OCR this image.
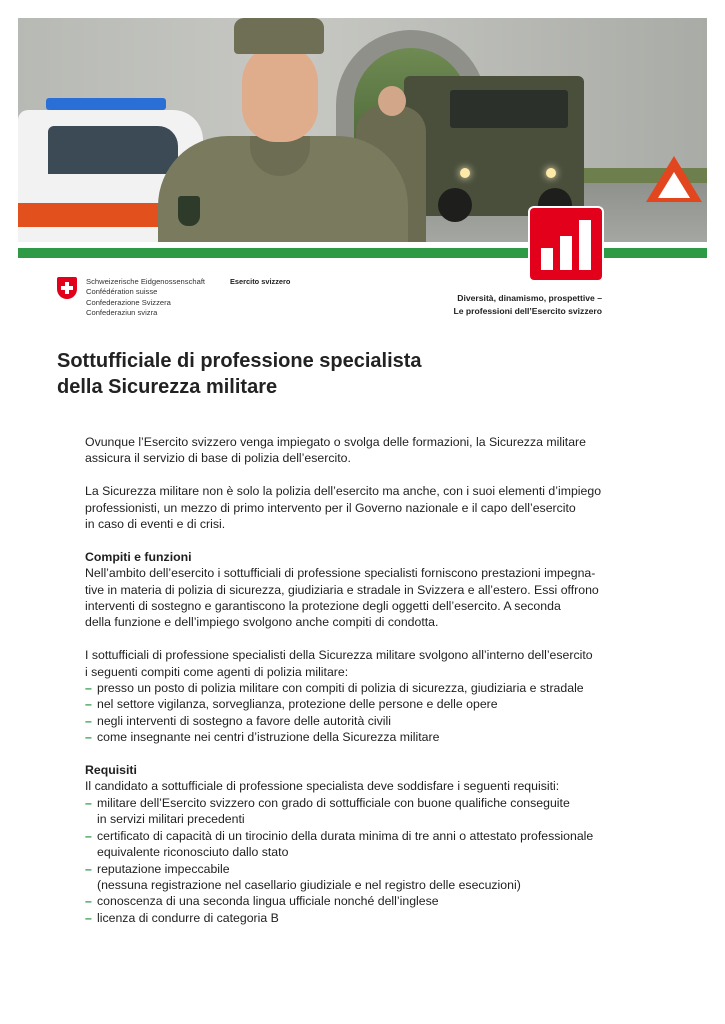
Schweizerische Eidgenossenschaft
Confédération suisse
Confederazione Svizzera
Confederaziun svizra
Esercito svizzero
Diversità, dinamismo, prospettive –
Le professioni dell’Esercito svizzero
Sottufficiale di professione specialista
della Sicurezza militare

Ovunque l’Esercito svizzero venga impiegato o svolga delle formazioni, la Sicurezza militare
assicura il servizio di base di polizia dell’esercito.

La Sicurezza militare non è solo la polizia dell’esercito ma anche, con i suoi elementi d’impiego
professionisti, un mezzo di primo intervento per il Governo nazionale e il capo dell’esercito
in caso di eventi e di crisi.

Compiti e funzioni

Nell’ambito dell’esercito i sottufficiali di professione specialisti forniscono prestazioni impegna-
tive in materia di polizia di sicurezza, giudiziaria e stradale in Svizzera e all’estero. Essi offrono
interventi di sostegno e garantiscono la protezione degli oggetti dell’esercito. A seconda
della funzione e dell’impiego svolgono anche compiti di condotta.

I sottufficiali di professione specialisti della Sicurezza militare svolgono all’interno dell’esercito
i seguenti compiti come agenti di polizia militare:

– presso un posto di polizia militare con compiti di polizia di sicurezza, giudiziaria e stradale
– nel settore vigilanza, sorveglianza, protezione delle persone e delle opere
– negli interventi di sostegno a favore delle autorità civili
– come insegnante nei centri d’istruzione della Sicurezza militare
Requisiti

Il candidato a sottufficiale di professione specialista deve soddisfare i seguenti requisiti:

– militare dell’Esercito svizzero con grado di sottufficiale con buone qualifiche conseguite
in servizi militari precedenti
– certificato di capacità di un tirocinio della durata minima di tre anni o attestato professionale
equivalente riconosciuto dallo stato
– reputazione impeccabile
(nessuna registrazione nel casellario giudiziale e nel registro delle esecuzioni)
– conoscenza di una seconda lingua ufficiale nonché dell’inglese
– licenza di condurre di categoria B
